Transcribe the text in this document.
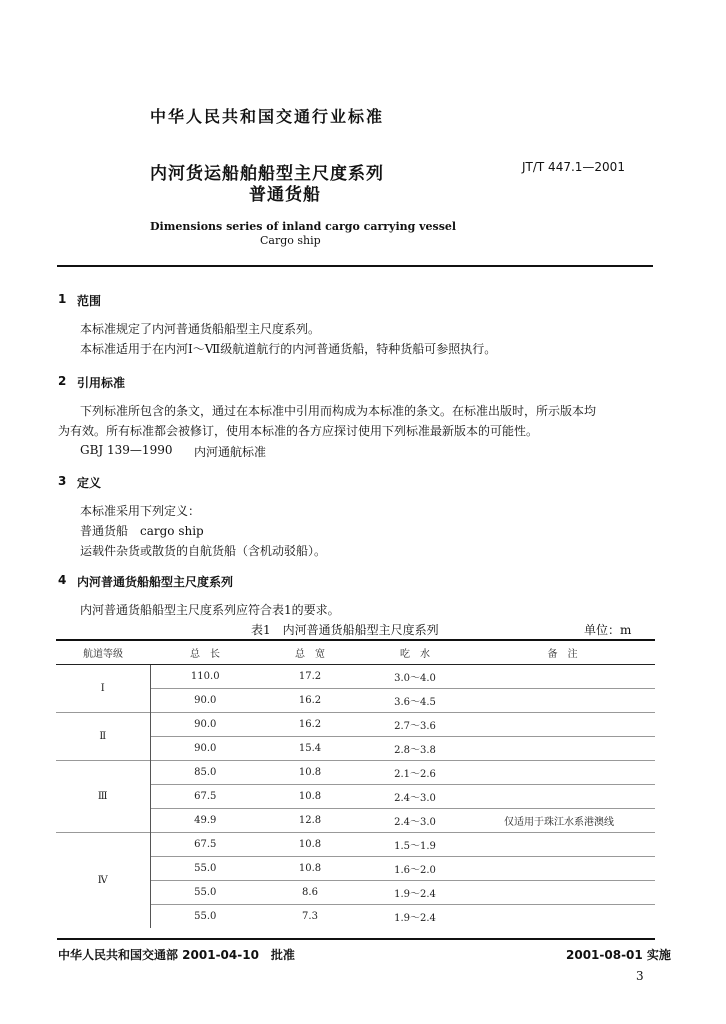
中华人民共和国交通行业标准
内河货运船舶船型主尺度系列
普通货船
JT/T 447.1—2001
Dimensions series of inland cargo carrying vessel
Cargo ship
1 范围
本标准规定了内河普通货船船型主尺度系列。
本标准适用于在内河Ⅰ～Ⅶ级航道航行的内河普通货船，特种货船可参照执行。
2 引用标准
下列标准所包含的条文，通过在本标准中引用而构成为本标准的条文。在标准出版时，所示版本均
为有效。所有标准都会被修订，使用本标准的各方应探讨使用下列标准最新版本的可能性。
GBJ 139—1990 内河通航标准
3 定义
本标准采用下列定义：
普通货船　cargo ship
运载件杂货或散货的自航货船（含机动驳船）。
4 内河普通货船船型主尺度系列
内河普通货船船型主尺度系列应符合表1的要求。
表1　内河普通货船船型主尺度系列	单位：m
航道等级	总　长	总　宽	吃　水	备　注
Ⅰ	110.0	17.2	3.0～4.0	
	90.0	16.2	3.6～4.5	
Ⅱ	90.0	16.2	2.7～3.6	
	90.0	15.4	2.8～3.8	
Ⅲ	85.0	10.8	2.1～2.6	
	67.5	10.8	2.4～3.0	
	49.9	12.8	2.4～3.0	仅适用于珠江水系港澳线
Ⅳ	67.5	10.8	1.5～1.9	
	55.0	10.8	1.6～2.0	
	55.0	8.6	1.9～2.4	
	55.0	7.3	1.9～2.4	
中华人民共和国交通部 2001-04-10　批准	2001-08-01 实施
3
